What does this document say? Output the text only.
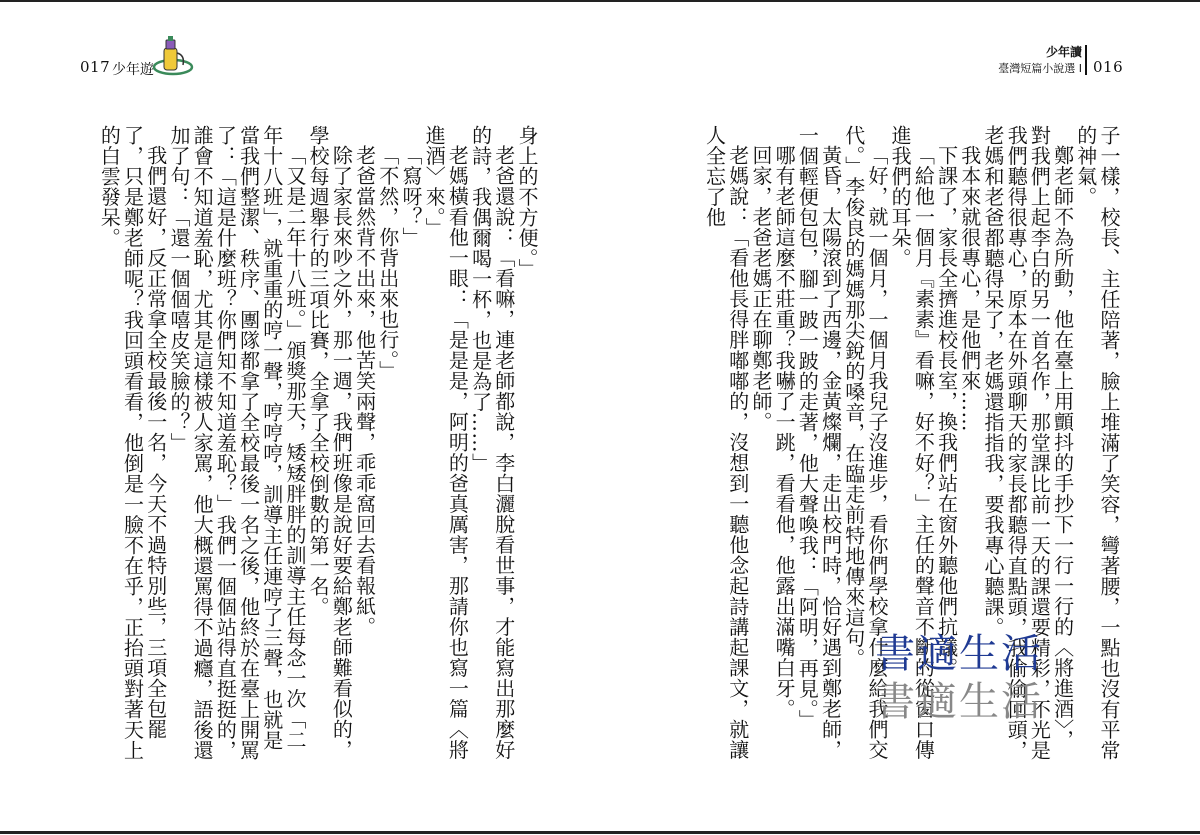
017 少年遊
少年讀
臺灣短篇小說選 I 016

子一樣，校長、主任陪著，臉上堆滿了笑容，彎著腰，一點也沒有平常的神氣。

鄭老師不為所動，他在臺上用顫抖的手抄下一行一行的〈將進酒〉，對我們上起李白的另一首名作，那堂課比前一天的課還要精彩，不光是我們聽得很專心，原本在外頭聊天的家長都聽得直點頭，我偷偷回頭，老媽和老爸都聽得呆了，老媽還指指我，要我專心聽課。

我本來就很專心，是他們來……

下課了，家長全擠進校長室，換我們站在窗外聽他們抗議。

「給他一個月『素素』看嘛，好不好？」主任的聲音不斷的從窗口傳進我們的耳朵。

「好，就一個月，一個月我兒子沒進步，看你們學校拿什麼給我們交代。」李俊良的媽媽那尖銳的嗓音，在臨走前特地傳來這句。

黃昏，太陽滾到了西邊，金黃燦爛，走出校門時，恰好遇到鄭老師，一個輕便包包，腳一跛一跛的走著，他大聲喚我：「阿明，再見。」

哪有老師這麼不莊重？我嚇了一跳，看看他，他露出滿嘴白牙。

回家，老爸老媽正在聊鄭老師。

老媽說：「看他長得胖嘟嘟的，沒想到一聽他念起詩講起課文，就讓人全忘了他

身上的不方便。」

老爸還說：「看嘛，連老師都說，李白灑脫看世事，才能寫出那麼好的詩，我偶爾喝一杯，也是為了……」

老媽橫看他一眼：「是是是，阿明的爸真厲害，那請你也寫一篇〈將進酒〉來。」

「寫呀？」

「不然，你背出來也行。」

老爸當然背不出來，他苦笑兩聲，乖乖窩回去看報紙。

除了家長來吵之外，那一週，我們班像是說好要給鄭老師難看似的，學校每週舉行的三項比賽，全拿了全校倒數的第一名。

「又是二年十八班。」頒獎那天，矮矮胖胖的訓導主任每念一次「二年十八班」，就重重的哼一聲，哼哼哼，訓導主任連哼了三聲，也就是當我們整潔、秩序、團隊都拿了全校最後一名之後，他終於在臺上開罵了：「這是什麼班？你們知不知道羞恥？」我們一個個站得直挺挺的，誰會不知道羞恥，尤其是這樣被人家罵，他大概還罵得不過癮，語後還加了句：「還一個個嘻皮笑臉的？」

我們還好，反正常拿全校最後一名，今天不過特別些，三項全包罷了，只是鄭老師呢？我回頭看看，他倒是一臉不在乎，正抬頭對著天上的白雲發呆。

書適生活
書適生活
